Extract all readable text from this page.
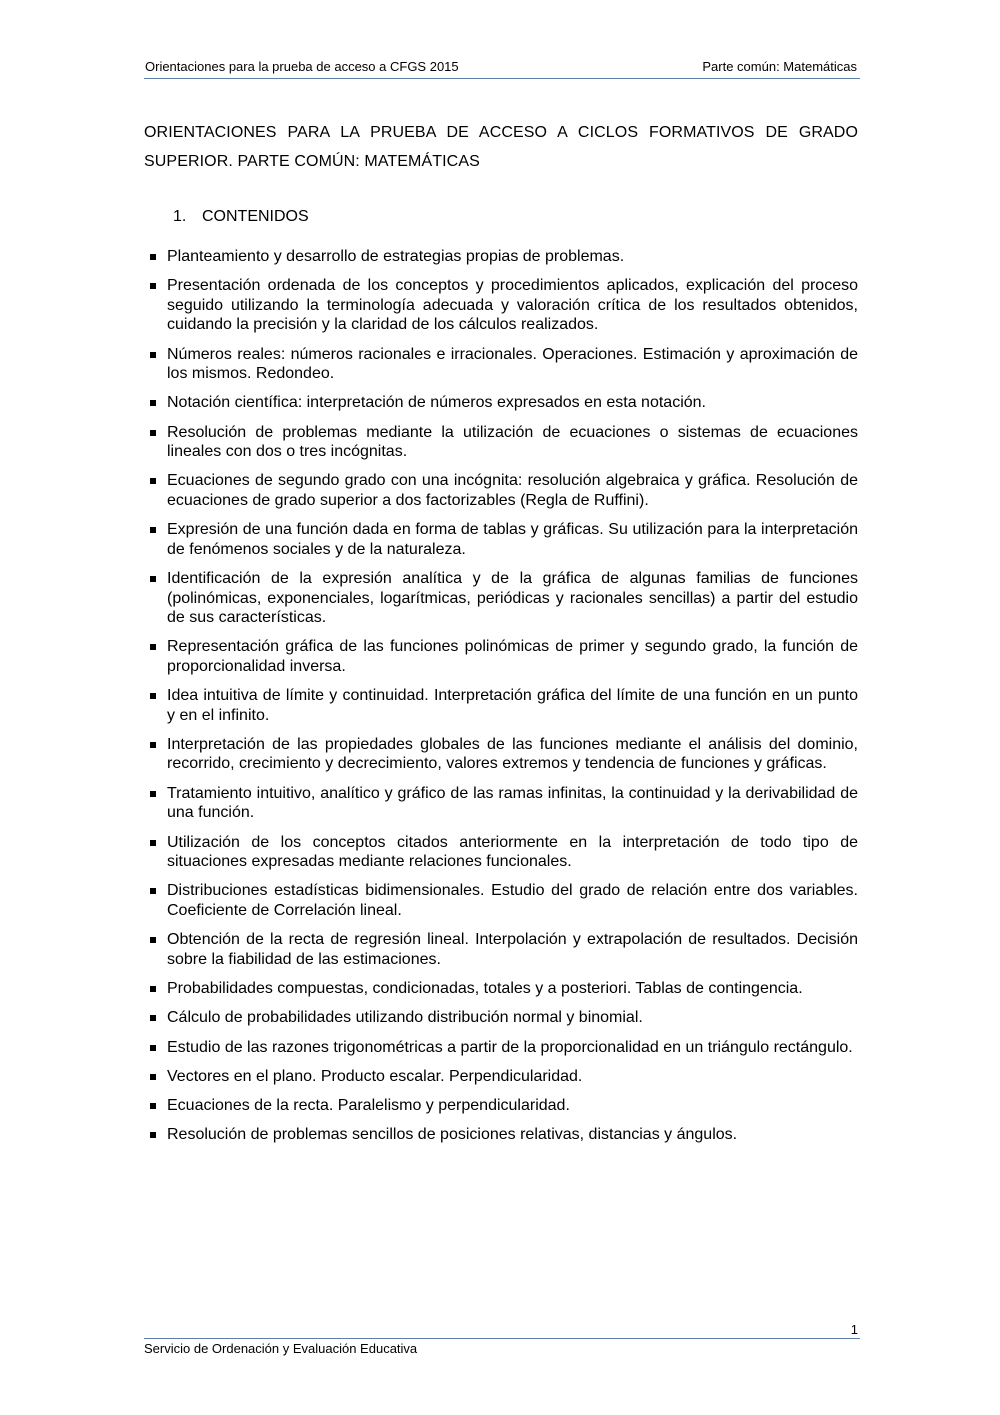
Orientaciones para la prueba de acceso a CFGS 2015	Parte común: Matemáticas
ORIENTACIONES PARA LA PRUEBA DE ACCESO A CICLOS FORMATIVOS DE GRADO SUPERIOR. PARTE COMÚN: MATEMÁTICAS
1. CONTENIDOS
Planteamiento y desarrollo de estrategias propias de problemas.
Presentación ordenada de los conceptos y procedimientos aplicados, explicación del proceso seguido utilizando la terminología adecuada y valoración crítica de los resultados obtenidos, cuidando la precisión y la claridad de los cálculos realizados.
Números reales: números racionales e irracionales. Operaciones. Estimación y aproximación de los mismos. Redondeo.
Notación científica: interpretación de números expresados en esta notación.
Resolución de problemas mediante la utilización de ecuaciones o sistemas de ecuaciones lineales con dos o tres incógnitas.
Ecuaciones de segundo grado con una incógnita: resolución algebraica y gráfica. Resolución de ecuaciones de grado superior a dos factorizables (Regla de Ruffini).
Expresión de una función dada en forma de tablas y gráficas. Su utilización para la interpretación de fenómenos sociales y de la naturaleza.
Identificación de la expresión analítica y de la gráfica de algunas familias de funciones (polinómicas, exponenciales, logarítmicas, periódicas y racionales sencillas) a partir del estudio de sus características.
Representación gráfica de las funciones polinómicas de primer y segundo grado, la función de proporcionalidad inversa.
Idea intuitiva de límite y continuidad. Interpretación gráfica del límite de una función en un punto y en el infinito.
Interpretación de las propiedades globales de las funciones mediante el análisis del dominio, recorrido, crecimiento y decrecimiento, valores extremos y tendencia de funciones y gráficas.
Tratamiento intuitivo, analítico y gráfico de las ramas infinitas, la continuidad y la derivabilidad de una función.
Utilización de los conceptos citados anteriormente en la interpretación de todo tipo de situaciones expresadas mediante relaciones funcionales.
Distribuciones estadísticas bidimensionales. Estudio del grado de relación entre dos variables. Coeficiente de Correlación lineal.
Obtención de la recta de regresión lineal. Interpolación y extrapolación de resultados. Decisión sobre la fiabilidad de las estimaciones.
Probabilidades compuestas, condicionadas, totales y a posteriori. Tablas de contingencia.
Cálculo de probabilidades utilizando distribución normal y binomial.
Estudio de las razones trigonométricas a partir de la proporcionalidad en un triángulo rectángulo.
Vectores en el plano. Producto escalar. Perpendicularidad.
Ecuaciones de la recta. Paralelismo y perpendicularidad.
Resolución de problemas sencillos de posiciones relativas, distancias y ángulos.
1
Servicio de Ordenación y Evaluación Educativa
